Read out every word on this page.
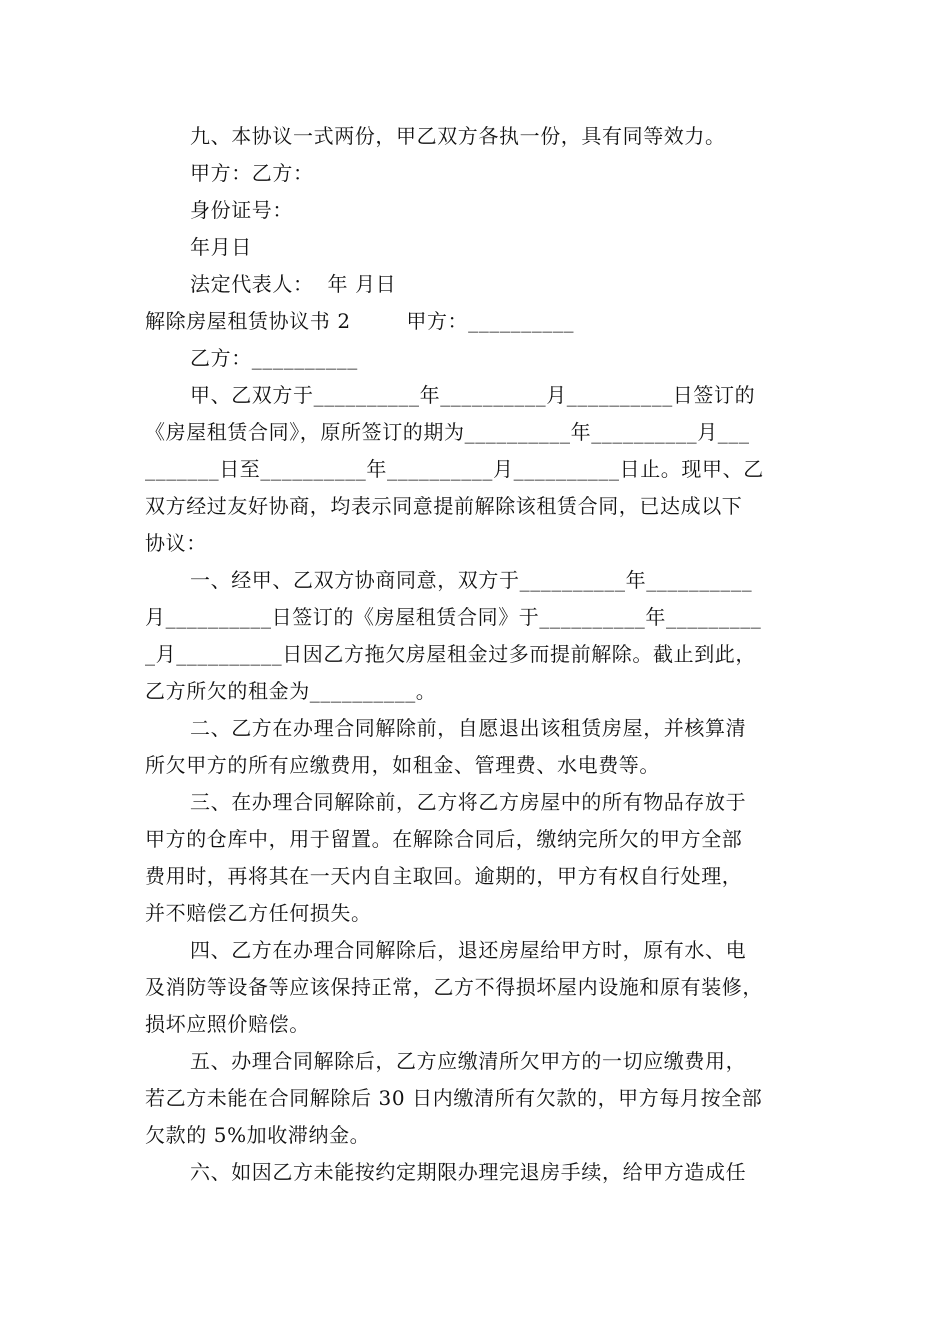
九、本协议一式两份，甲乙双方各执一份，具有同等效力。
甲方：乙方：
身份证号：
年月日
法定代表人：  年 月日
解除房屋租赁协议书 2        甲方：__________
乙方：__________
甲、乙双方于__________年__________月__________日签订的
《房屋租赁合同》，原所签订的期为__________年__________月___
_______日至__________年__________月__________日止。现甲、乙
双方经过友好协商，均表示同意提前解除该租赁合同，已达成以下
协议：
一、经甲、乙双方协商同意，双方于__________年__________
月__________日签订的《房屋租赁合同》于__________年_________
_月__________日因乙方拖欠房屋租金过多而提前解除。截止到此，
乙方所欠的租金为__________。
二、乙方在办理合同解除前，自愿退出该租赁房屋，并核算清
所欠甲方的所有应缴费用，如租金、管理费、水电费等。
三、在办理合同解除前，乙方将乙方房屋中的所有物品存放于
甲方的仓库中，用于留置。在解除合同后，缴纳完所欠的甲方全部
费用时，再将其在一天内自主取回。逾期的，甲方有权自行处理，
并不赔偿乙方任何损失。
四、乙方在办理合同解除后，退还房屋给甲方时，原有水、电
及消防等设备等应该保持正常，乙方不得损坏屋内设施和原有装修，
损坏应照价赔偿。
五、办理合同解除后，乙方应缴清所欠甲方的一切应缴费用，
若乙方未能在合同解除后 30 日内缴清所有欠款的，甲方每月按全部
欠款的 5%加收滞纳金。
六、如因乙方未能按约定期限办理完退房手续，给甲方造成任
